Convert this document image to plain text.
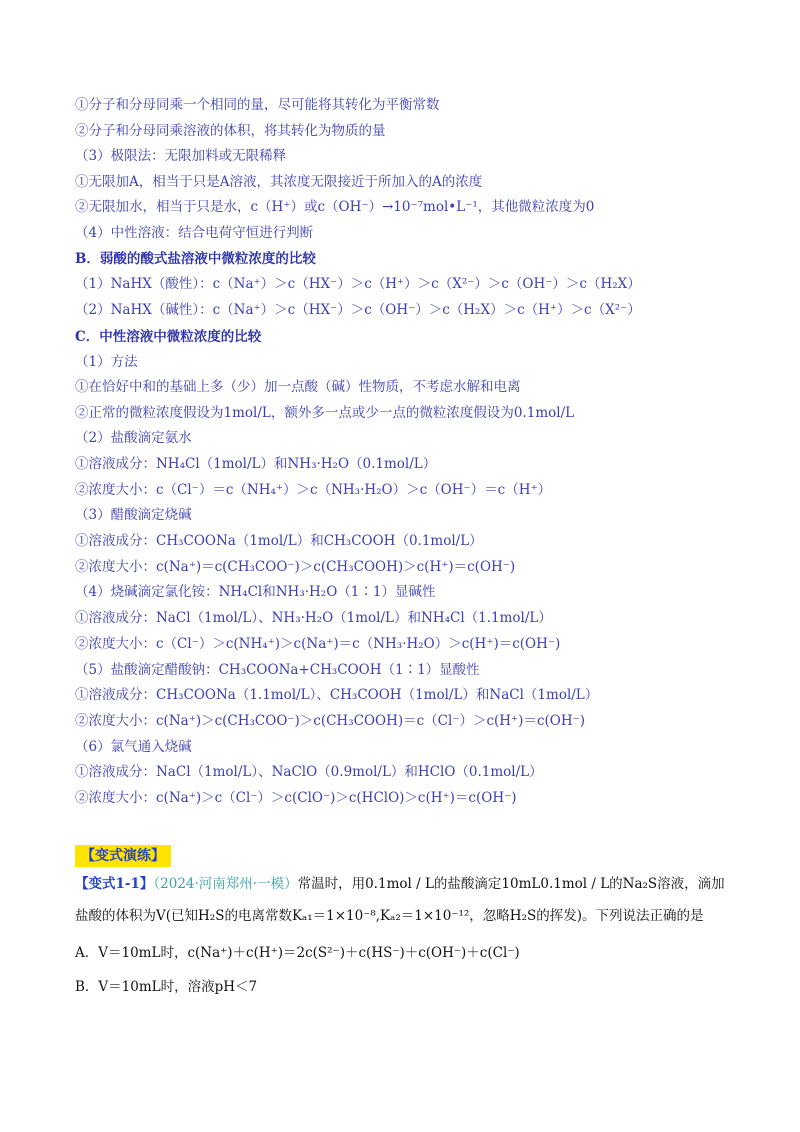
①分子和分母同乘一个相同的量，尽可能将其转化为平衡常数
②分子和分母同乘溶液的体积，将其转化为物质的量
（3）极限法：无限加料或无限稀释
①无限加A，相当于只是A溶液，其浓度无限接近于所加入的A的浓度
②无限加水，相当于只是水，c（H⁺）或c（OH⁻）→10⁻⁷mol•L⁻¹，其他微粒浓度为0
（4）中性溶液：结合电荷守恒进行判断
B．弱酸的酸式盐溶液中微粒浓度的比较
（1）NaHX（酸性）：c（Na⁺）＞c（HX⁻）＞c（H⁺）＞c（X²⁻）＞c（OH⁻）＞c（H₂X）
（2）NaHX（碱性）：c（Na⁺）＞c（HX⁻）＞c（OH⁻）＞c（H₂X）＞c（H⁺）＞c（X²⁻）
C．中性溶液中微粒浓度的比较
（1）方法
①在恰好中和的基础上多（少）加一点酸（碱）性物质，不考虑水解和电离
②正常的微粒浓度假设为1mol/L，额外多一点或少一点的微粒浓度假设为0.1mol/L
（2）盐酸滴定氨水
①溶液成分：NH₄Cl（1mol/L）和NH₃·H₂O（0.1mol/L）
②浓度大小：c（Cl⁻）＝c（NH₄⁺）＞c（NH₃·H₂O）＞c（OH⁻）＝c（H⁺）
（3）醋酸滴定烧碱
①溶液成分：CH₃COONa（1mol/L）和CH₃COOH（0.1mol/L）
②浓度大小：c(Na⁺)＝c(CH₃COO⁻)＞c(CH₃COOH)＞c(H⁺)＝c(OH⁻)
（4）烧碱滴定氯化铵：NH₄Cl和NH₃·H₂O（1∶1）显碱性
①溶液成分：NaCl（1mol/L）、NH₃·H₂O（1mol/L）和NH₄Cl（1.1mol/L）
②浓度大小：c（Cl⁻）＞c(NH₄⁺)＞c(Na⁺)＝c（NH₃·H₂O）＞c(H⁺)＝c(OH⁻)
（5）盐酸滴定醋酸钠：CH₃COONa+CH₃COOH（1∶1）显酸性
①溶液成分：CH₃COONa（1.1mol/L）、CH₃COOH（1mol/L）和NaCl（1mol/L）
②浓度大小：c(Na⁺)＞c(CH₃COO⁻)＞c(CH₃COOH)＝c（Cl⁻）＞c(H⁺)＝c(OH⁻)
（6）氯气通入烧碱
①溶液成分：NaCl（1mol/L）、NaClO（0.9mol/L）和HClO（0.1mol/L）
②浓度大小：c(Na⁺)＞c（Cl⁻）＞c(ClO⁻)＞c(HClO)＞c(H⁺)＝c(OH⁻)
【变式演练】
【变式1-1】（2024·河南郑州·一模）常温时，用0.1mol / L的盐酸滴定10mL0.1mol / L的Na₂S溶液，滴加
盐酸的体积为V(已知H₂S的电离常数Kₐ₁＝1×10⁻⁸,Kₐ₂＝1×10⁻¹²，忽略H₂S的挥发)。下列说法正确的是
A．V＝10mL时，c(Na⁺)＋c(H⁺)＝2c(S²⁻)＋c(HS⁻)＋c(OH⁻)＋c(Cl⁻)
B．V＝10mL时，溶液pH＜7
